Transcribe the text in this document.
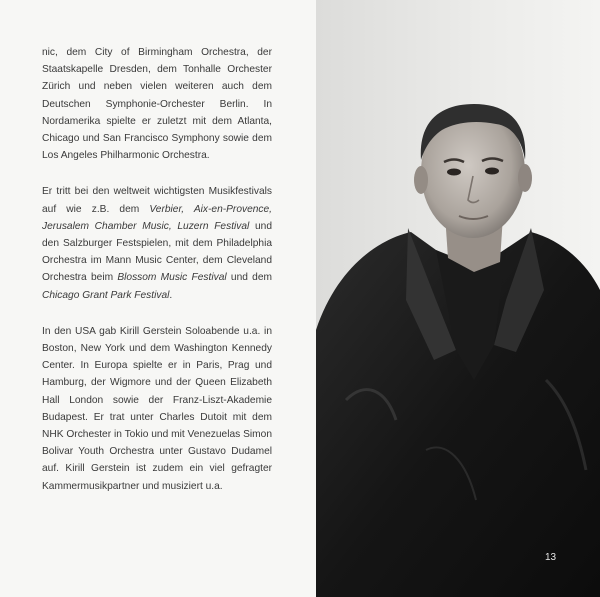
nic, dem City of Birmingham Orchestra, der Staatskapelle Dresden, dem Tonhalle Orchester Zürich und neben vielen weiteren auch dem Deutschen Symphonie-Orchester Berlin. In Nordamerika spielte er zuletzt mit dem Atlanta, Chicago und San Francisco Symphony sowie dem Los Angeles Philharmonic Orchestra.

Er tritt bei den weltweit wichtigsten Musikfestivals auf wie z.B. dem Verbier, Aix-en-Provence, Jerusalem Chamber Music, Luzern Festival und den Salzburger Festspielen, mit dem Philadelphia Orchestra im Mann Music Center, dem Cleveland Orchestra beim Blossom Music Festival und dem Chicago Grant Park Festival.

In den USA gab Kirill Gerstein Soloabende u.a. in Boston, New York und dem Washington Kennedy Center. In Europa spielte er in Paris, Prag und Hamburg, der Wigmore und der Queen Elizabeth Hall London sowie der Franz-Liszt-Akademie Budapest. Er trat unter Charles Dutoit mit dem NHK Orchester in Tokio und mit Venezuelas Simon Bolivar Youth Orchestra unter Gustavo Dudamel auf. Kirill Gerstein ist zudem ein viel gefragter Kammermusikpartner und musiziert u.a.

13
